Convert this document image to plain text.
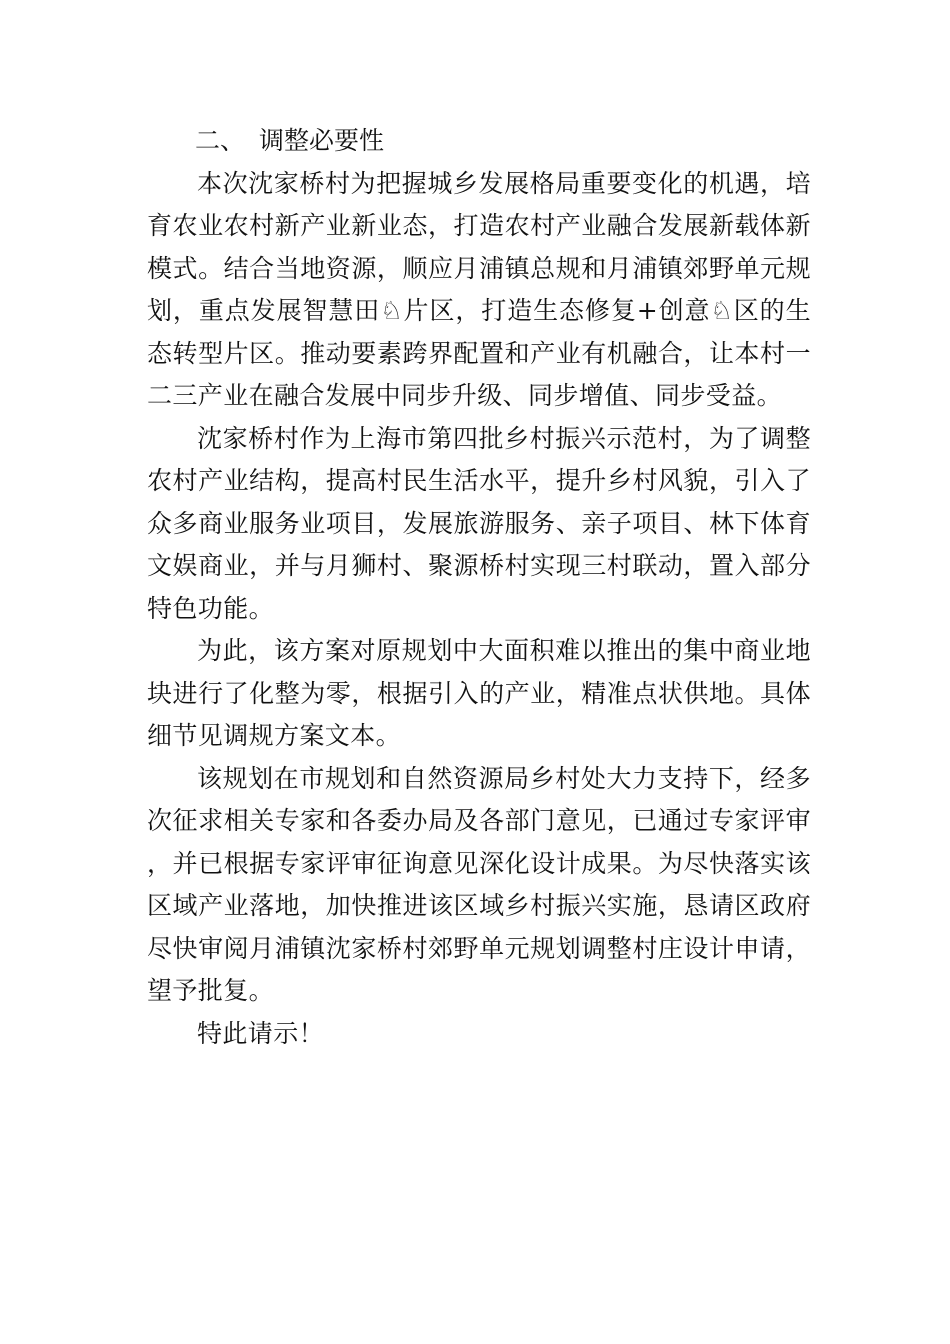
二、 调整必要性

本次沈家桥村为把握城乡发展格局重要变化的机遇，培育农业农村新产业新业态，打造农村产业融合发展新载体新模式。结合当地资源，顺应月浦镇总规和月浦镇郊野单元规划，重点发展智慧田♘片区，打造生态修复+创意♘区的生态转型片区。推动要素跨界配置和产业有机融合，让本村一二三产业在融合发展中同步升级、同步增值、同步受益。

沈家桥村作为上海市第四批乡村振兴示范村，为了调整农村产业结构，提高村民生活水平，提升乡村风貌，引入了众多商业服务业项目，发展旅游服务、亲子项目、林下体育文娱商业，并与月狮村、聚源桥村实现三村联动，置入部分特色功能。

为此，该方案对原规划中大面积难以推出的集中商业地块进行了化整为零，根据引入的产业，精准点状供地。具体细节见调规方案文本。

该规划在市规划和自然资源局乡村处大力支持下，经多次征求相关专家和各委办局及各部门意见，已通过专家评审，并已根据专家评审征询意见深化设计成果。为尽快落实该区域产业落地，加快推进该区域乡村振兴实施，恳请区政府尽快审阅月浦镇沈家桥村郊野单元规划调整村庄设计申请，望予批复。

特此请示！
